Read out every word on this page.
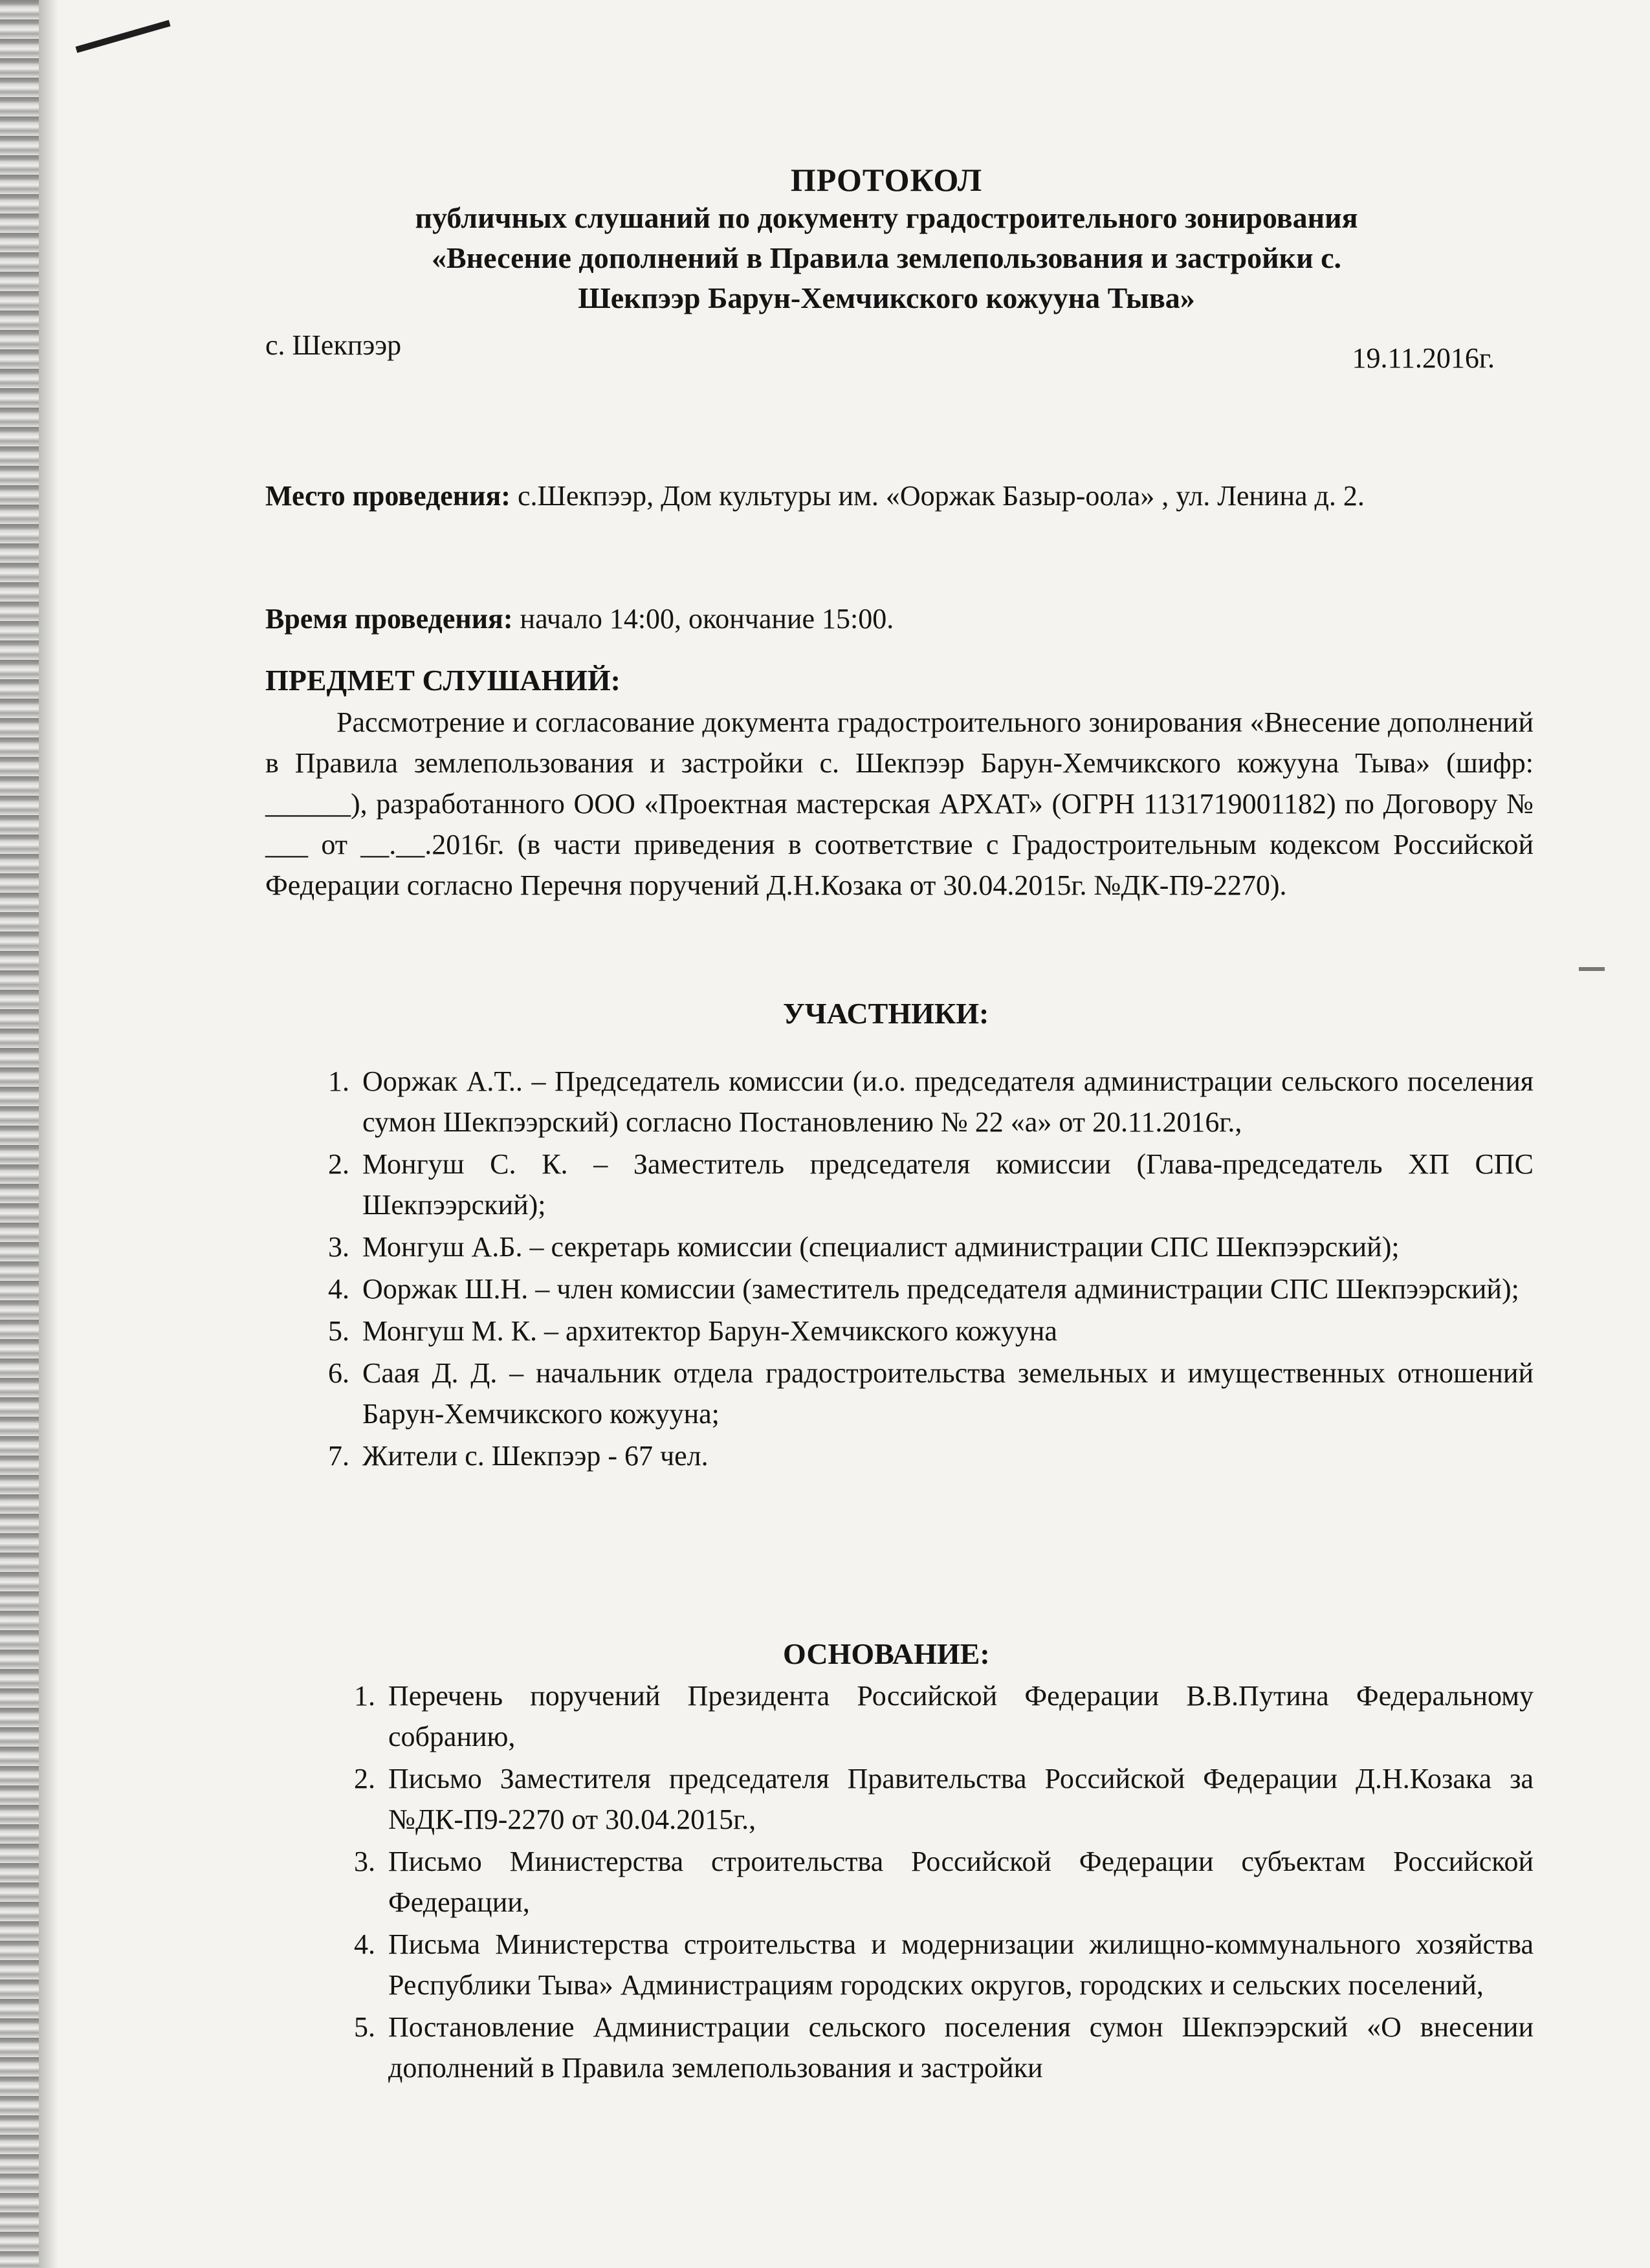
ПРОТОКОЛ
публичных слушаний по документу градостроительного зонирования
«Внесение дополнений в Правила землепользования и застройки с.
Шекпээр Барун-Хемчикского кожууна Тыва»
с. Шекпээр	19.11.2016г.
Место проведения: с.Шекпээр, Дом культуры им. «Ооржак Базыр-оола» , ул. Ленина д. 2.
Время проведения: начало 14:00, окончание 15:00.
ПРЕДМЕТ СЛУШАНИЙ:
Рассмотрение и согласование документа градостроительного зонирования «Внесение дополнений в Правила землепользования и застройки с. Шекпээр Барун-Хемчикского кожууна Тыва» (шифр: ______), разработанного ООО «Проектная мастерская АРХАТ» (ОГРН 1131719001182) по Договору № ___ от __.__.2016г. (в части приведения в соответствие с Градостроительным кодексом Российской Федерации согласно Перечня поручений Д.Н.Козака от 30.04.2015г. №ДК-П9-2270).
УЧАСТНИКИ:
1. Ооржак А.Т.. – Председатель комиссии (и.о. председателя администрации сельского поселения сумон Шекпээрский) согласно Постановлению № 22 «а» от 20.11.2016г.,
2. Монгуш С. К. – Заместитель председателя комиссии (Глава-председатель ХП СПС Шекпээрский);
3. Монгуш А.Б. – секретарь комиссии (специалист администрации СПС Шекпээрский);
4. Ооржак Ш.Н. – член комиссии (заместитель председателя администрации СПС Шекпээрский);
5. Монгуш М. К. – архитектор Барун-Хемчикского кожууна
6. Саая Д. Д. – начальник отдела градостроительства земельных и имущественных отношений Барун-Хемчикского кожууна;
7. Жители с. Шекпээр - 67 чел.
ОСНОВАНИЕ:
1. Перечень поручений Президента Российской Федерации В.В.Путина Федеральному собранию,
2. Письмо Заместителя председателя Правительства Российской Федерации Д.Н.Козака за №ДК-П9-2270 от 30.04.2015г.,
3. Письмо Министерства строительства Российской Федерации субъектам Российской Федерации,
4. Письма Министерства строительства и модернизации жилищно-коммунального хозяйства Республики Тыва» Администрациям городских округов, городских и сельских поселений,
5. Постановление Администрации сельского поселения сумон Шекпээрский «О внесении дополнений в Правила землепользования и застройки
